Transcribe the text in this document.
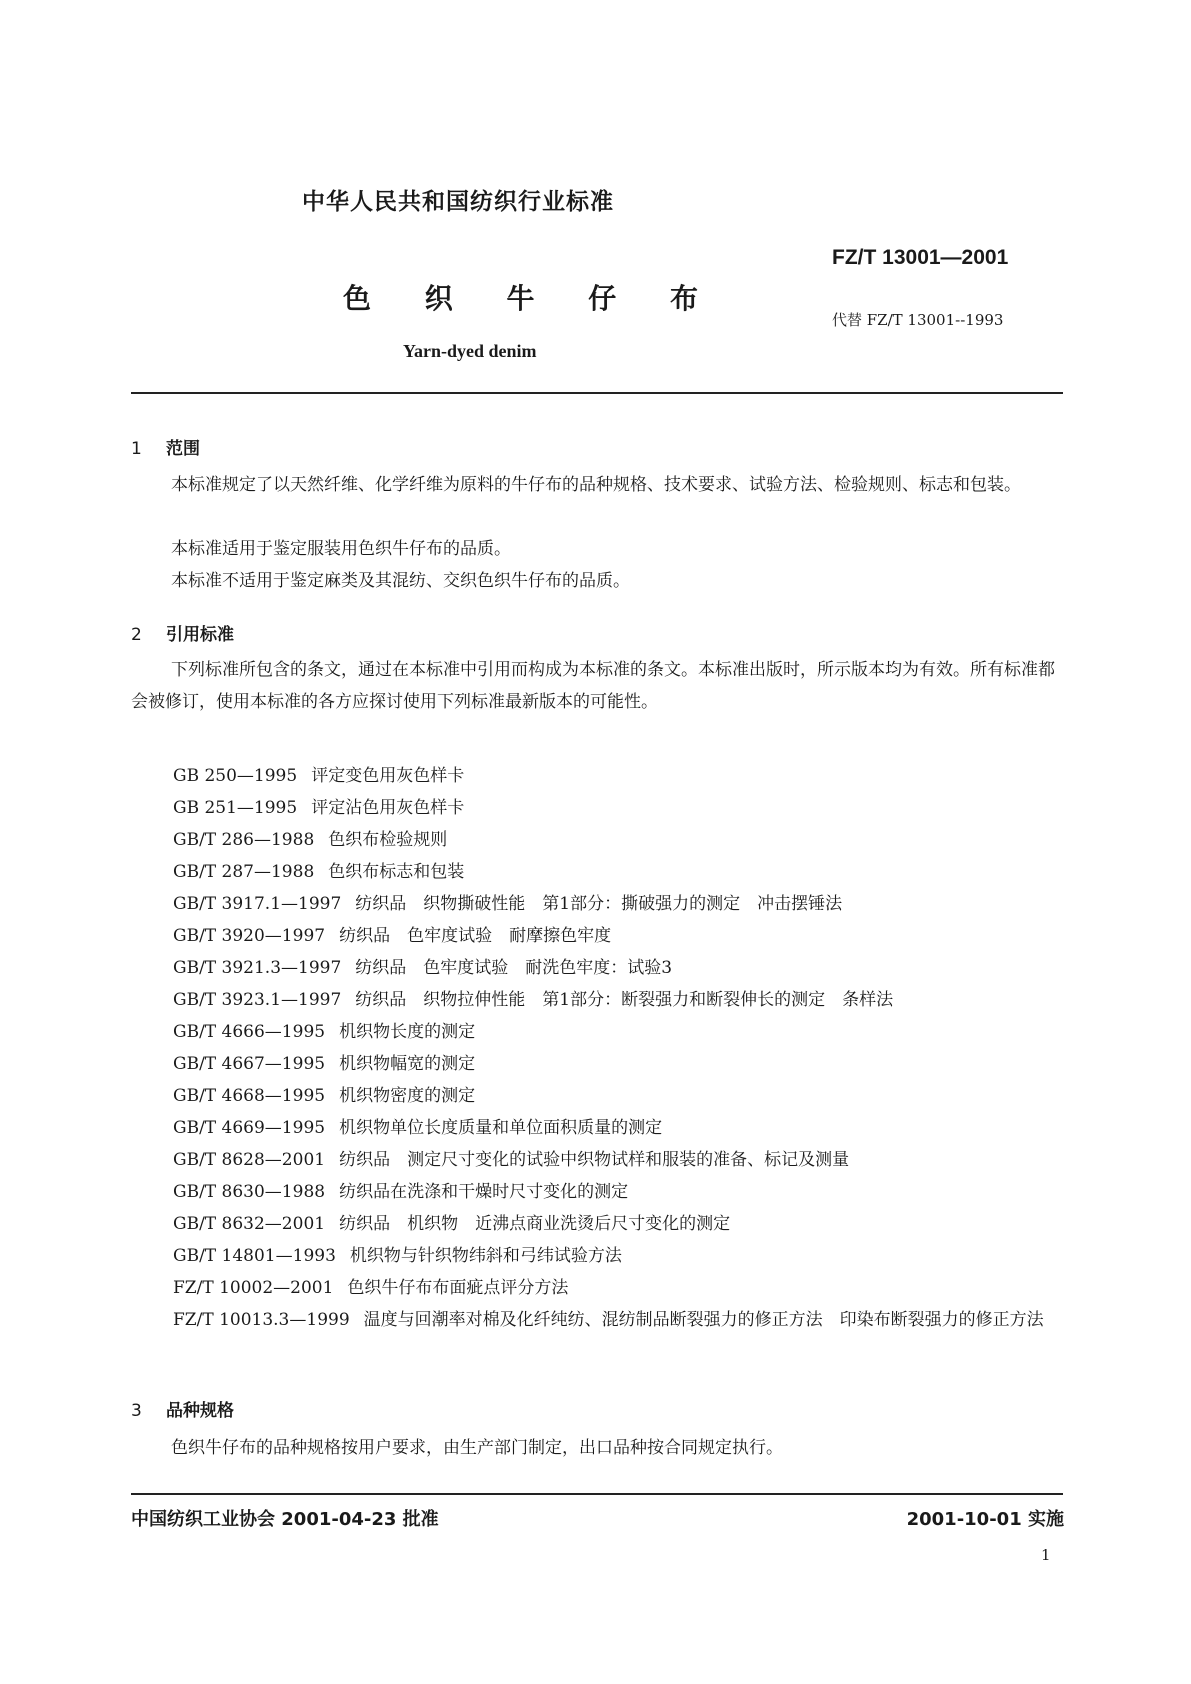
中华人民共和国纺织行业标准
FZ/T 13001—2001
色 织 牛 仔 布
代替 FZ/T 13001--1993
Yarn-dyed denim
1 范围
本标准规定了以天然纤维、化学纤维为原料的牛仔布的品种规格、技术要求、试验方法、检验规则、标志和包装。
本标准适用于鉴定服装用色织牛仔布的品质。
本标准不适用于鉴定麻类及其混纺、交织色织牛仔布的品质。
2 引用标准
下列标准所包含的条文，通过在本标准中引用而构成为本标准的条文。本标准出版时，所示版本均为有效。所有标准都会被修订，使用本标准的各方应探讨使用下列标准最新版本的可能性。
GB 250—1995 评定变色用灰色样卡
GB 251—1995 评定沾色用灰色样卡
GB/T 286—1988 色织布检验规则
GB/T 287—1988 色织布标志和包装
GB/T 3917.1—1997 纺织品　织物撕破性能　第1部分：撕破强力的测定　冲击摆锤法
GB/T 3920—1997 纺织品　色牢度试验　耐摩擦色牢度
GB/T 3921.3—1997 纺织品　色牢度试验　耐洗色牢度：试验3
GB/T 3923.1—1997 纺织品　织物拉伸性能　第1部分：断裂强力和断裂伸长的测定　条样法
GB/T 4666—1995 机织物长度的测定
GB/T 4667—1995 机织物幅宽的测定
GB/T 4668—1995 机织物密度的测定
GB/T 4669—1995 机织物单位长度质量和单位面积质量的测定
GB/T 8628—2001 纺织品　测定尺寸变化的试验中织物试样和服装的准备、标记及测量
GB/T 8630—1988 纺织品在洗涤和干燥时尺寸变化的测定
GB/T 8632—2001 纺织品　机织物　近沸点商业洗烫后尺寸变化的测定
GB/T 14801—1993 机织物与针织物纬斜和弓纬试验方法
FZ/T 10002—2001 色织牛仔布布面疵点评分方法
FZ/T 10013.3—1999 温度与回潮率对棉及化纤纯纺、混纺制品断裂强力的修正方法　印染布断裂强力的修正方法
3 品种规格
色织牛仔布的品种规格按用户要求，由生产部门制定，出口品种按合同规定执行。
中国纺织工业协会 2001-04-23 批准	2001-10-01 实施
1
